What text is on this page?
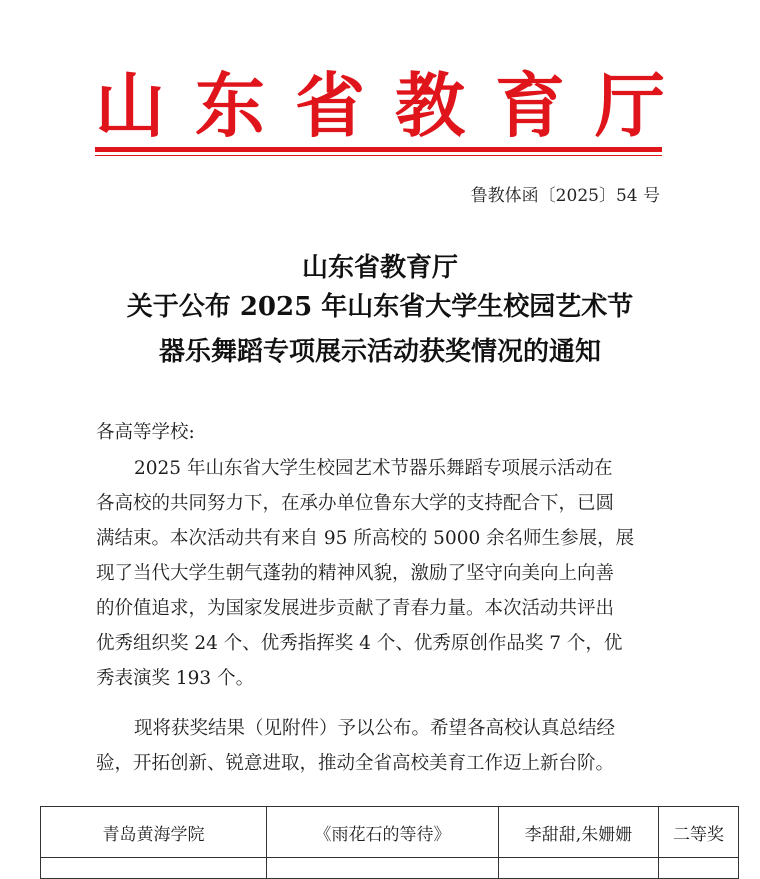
山 东 省 教 育 厅
鲁教体函〔2025〕54 号
山东省教育厅
关于公布 2025 年山东省大学生校园艺术节
器乐舞蹈专项展示活动获奖情况的通知
各高等学校:
2025 年山东省大学生校园艺术节器乐舞蹈专项展示活动在
各高校的共同努力下，在承办单位鲁东大学的支持配合下，已圆
满结束。本次活动共有来自 95 所高校的 5000 余名师生参展，展
现了当代大学生朝气蓬勃的精神风貌，激励了坚守向美向上向善
的价值追求，为国家发展进步贡献了青春力量。本次活动共评出
优秀组织奖 24 个、优秀指挥奖 4 个、优秀原创作品奖 7 个，优
秀表演奖 193 个。
现将获奖结果（见附件）予以公布。希望各高校认真总结经
验，开拓创新、锐意进取，推动全省高校美育工作迈上新台阶。
青岛黄海学院	《雨花石的等待》	李甜甜,朱姗姗	二等奖
